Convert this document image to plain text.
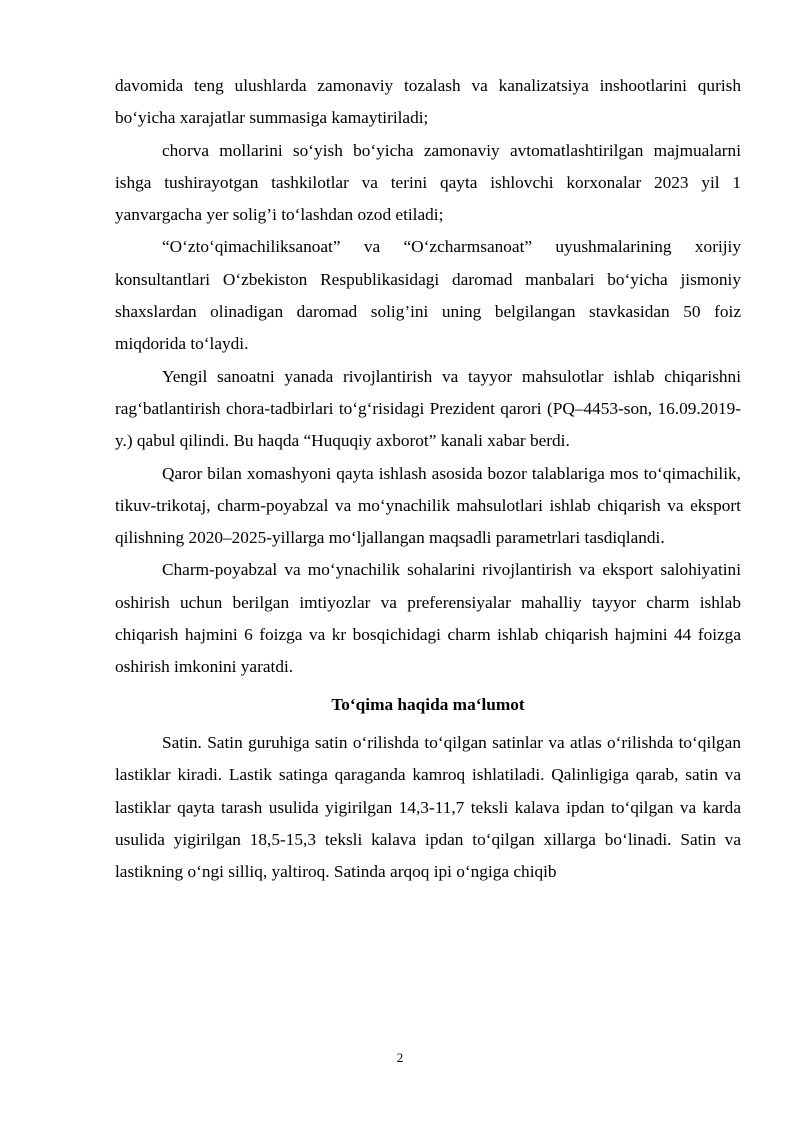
davomida teng ulushlarda zamonaviy tozalash va kanalizatsiya inshootlarini qurish bo‘yicha xarajatlar summasiga kamaytiriladi;

chorva mollarini so‘yish bo‘yicha zamonaviy avtomatlashtirilgan majmualarni ishga tushirayotgan tashkilotlar va terini qayta ishlovchi korxonalar 2023 yil 1 yanvargacha yer solig’i to‘lashdan ozod etiladi;

“O‘zto‘qimachiliksanoat” va “O‘zcharmsanoat” uyushmalarining xorijiy konsultantlari O‘zbekiston Respublikasidagi daromad manbalari bo‘yicha jismoniy shaxslardan olinadigan daromad solig’ini uning belgilangan stavkasidan 50 foiz miqdorida to‘laydi.

Yengil sanoatni yanada rivojlantirish va tayyor mahsulotlar ishlab chiqarishni rag‘batlantirish chora-tadbirlari to‘g‘risidagi Prezident qarori (PQ–4453-son, 16.09.2019-y.) qabul qilindi. Bu haqda “Huquqiy axborot” kanali xabar berdi.

Qaror bilan xomashyoni qayta ishlash asosida bozor talablariga mos to‘qimachilik, tikuv-trikotaj, charm-poyabzal va mo‘ynachilik mahsulotlari ishlab chiqarish va eksport qilishning 2020–2025-yillarga mo‘ljallangan maqsadli parametrlari tasdiqlandi.

Charm-poyabzal va mo‘ynachilik sohalarini rivojlantirish va eksport salohiyatini oshirish uchun berilgan imtiyozlar va preferensiyalar mahalliy tayyor charm ishlab chiqarish hajmini 6 foizga va kr bosqichidagi charm ishlab chiqarish hajmini 44 foizga oshirish imkonini yaratdi.

To‘qima haqida ma‘lumot

Satin. Satin guruhiga satin o‘rilishda to‘qilgan satinlar va atlas o‘rilishda to‘qilgan lastiklar kiradi. Lastik satinga qaraganda kamroq ishlatiladi. Qalinligiga qarab, satin va lastiklar qayta tarash usulida yigirilgan 14,3-11,7 teksli kalava ipdan to‘qilgan va karda usulida yigirilgan 18,5-15,3 teksli kalava ipdan to‘qilgan xillarga bo‘linadi. Satin va lastikning o‘ngi silliq, yaltiroq. Satinda arqoq ipi o‘ngiga chiqib

2
